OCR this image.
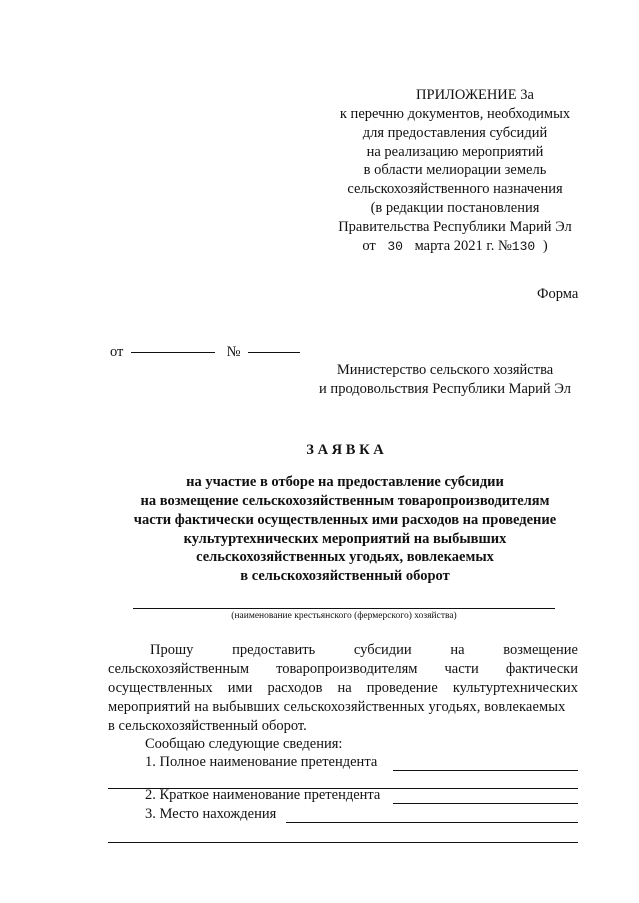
ПРИЛОЖЕНИЕ 3а
к перечню документов, необходимых
для предоставления субсидий
на реализацию мероприятий
в области мелиорации земель
сельскохозяйственного назначения
(в редакции постановления
Правительства Республики Марий Эл
от 30 марта 2021 г. №130 )
Форма
от	№
Министерство сельского хозяйства
и продовольствия Республики Марий Эл
З А Я В К А
на участие в отборе на предоставление субсидии
на возмещение сельскохозяйственным товаропроизводителям
части фактически осуществленных ими расходов на проведение
культуртехнических мероприятий на выбывших
сельскохозяйственных угодьях, вовлекаемых
в сельскохозяйственный оборот
(наименование крестьянского (фермерского) хозяйства)
Прошу	предоставить	субсидии	на	возмещение
сельскохозяйственным товаропроизводителям части фактически
осуществленных ими расходов на проведение культуртехнических
мероприятий на выбывших сельскохозяйственных угодьях, вовлекаемых
в сельскохозяйственный оборот.
Сообщаю следующие сведения:
1. Полное наименование претендента
2. Краткое наименование претендента
3. Место нахождения
